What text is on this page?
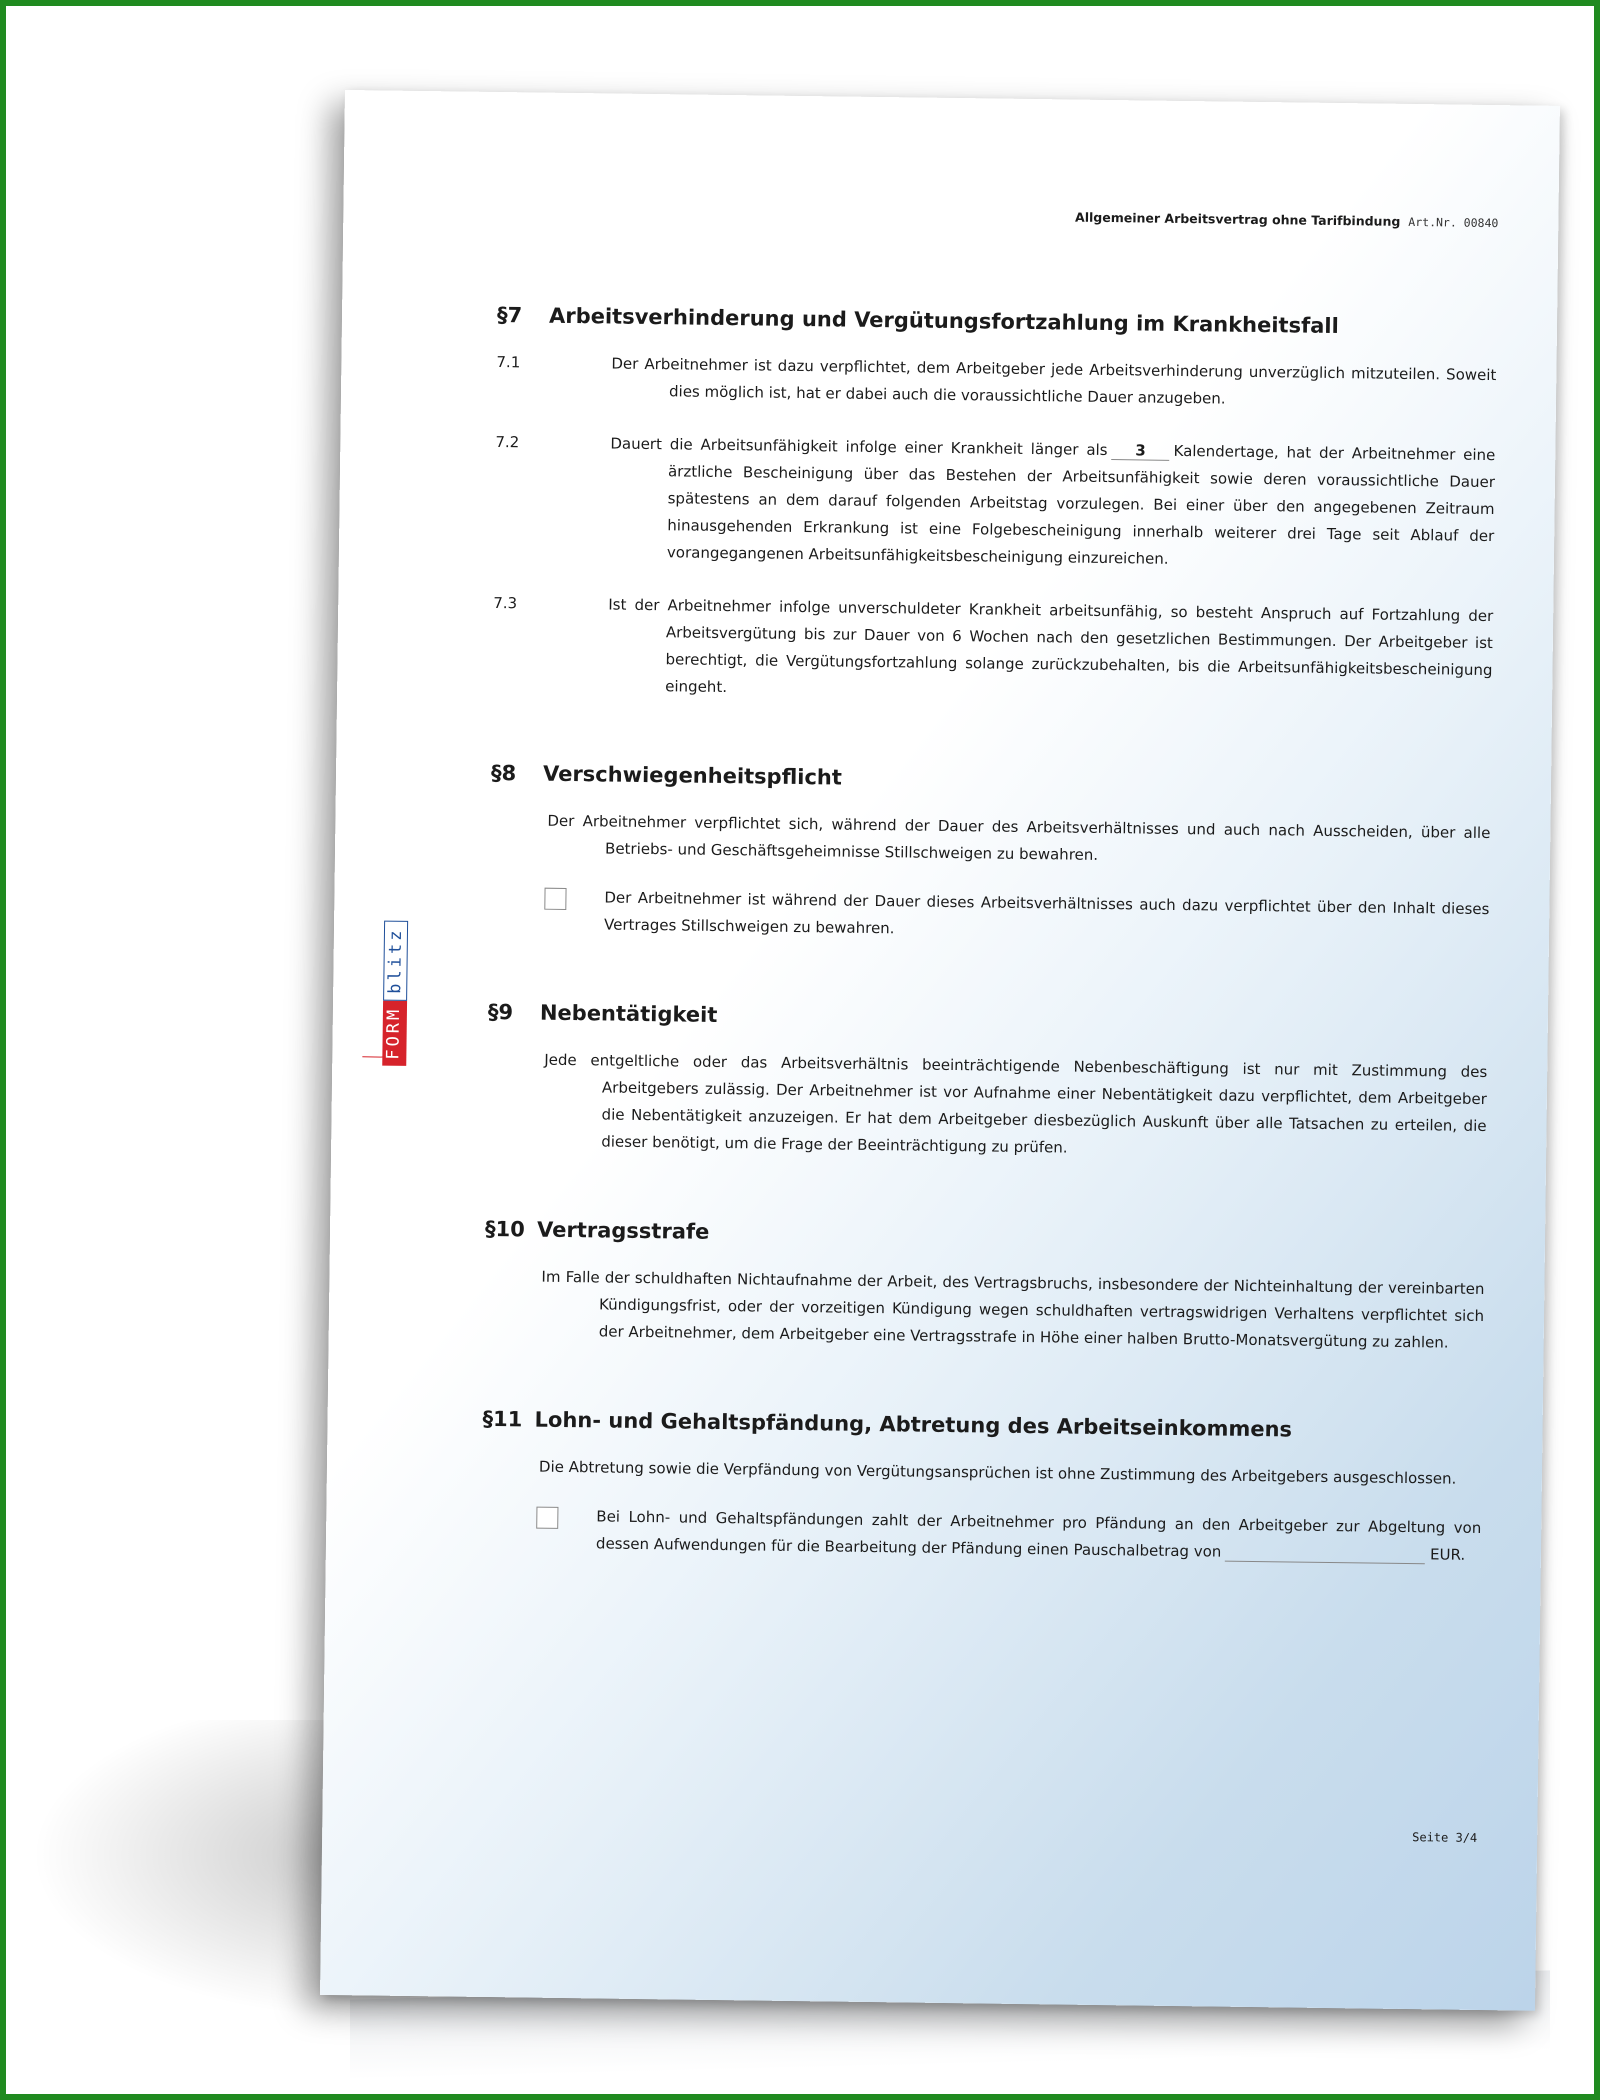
Allgemeiner Arbeitsvertrag ohne Tarifbindung Art.Nr. 00840
FORM
blitz
§7	Arbeitsverhinderung und Vergütungsfortzahlung im Krankheitsfall
7.1	Der Arbeitnehmer ist dazu verpflichtet, dem Arbeitgeber jede Arbeitsverhinderung unverzüglich mitzuteilen. Soweit dies möglich ist, hat er dabei auch die voraussichtliche Dauer anzugeben.

7.2	Dauert die Arbeitsunfähigkeit infolge einer Krankheit länger als 3 Kalendertage, hat der Arbeitnehmer eine ärztliche Bescheinigung über das Bestehen der Arbeitsunfähigkeit sowie deren voraussichtliche Dauer spätestens an dem darauf folgenden Arbeitstag vorzulegen. Bei einer über den angegebenen Zeitraum hinausgehenden Erkrankung ist eine Folgebescheinigung innerhalb weiterer drei Tage seit Ablauf der vorangegangenen Arbeitsunfähigkeitsbescheinigung einzureichen.

7.3	Ist der Arbeitnehmer infolge unverschuldeter Krankheit arbeitsunfähig, so besteht Anspruch auf Fortzahlung der Arbeitsvergütung bis zur Dauer von 6 Wochen nach den gesetzlichen Bestimmungen. Der Arbeitgeber ist berechtigt, die Vergütungsfortzahlung solange zurückzubehalten, bis die Arbeitsunfähigkeitsbescheinigung eingeht.

§8	Verschwiegenheitspflicht

Der Arbeitnehmer verpflichtet sich, während der Dauer des Arbeitsverhältnisses und auch nach Ausscheiden, über alle Betriebs- und Geschäftsgeheimnisse Stillschweigen zu bewahren.

Der Arbeitnehmer ist während der Dauer dieses Arbeitsverhältnisses auch dazu verpflichtet über den Inhalt dieses Vertrages Stillschweigen zu bewahren.

§9	Nebentätigkeit

Jede entgeltliche oder das Arbeitsverhältnis beeinträchtigende Nebenbeschäftigung ist nur mit Zustimmung des Arbeitgebers zulässig. Der Arbeitnehmer ist vor Aufnahme einer Nebentätigkeit dazu verpflichtet, dem Arbeitgeber die Nebentätigkeit anzuzeigen. Er hat dem Arbeitgeber diesbezüglich Auskunft über alle Tatsachen zu erteilen, die dieser benötigt, um die Frage der Beeinträchtigung zu prüfen.

§10 Vertragsstrafe

Im Falle der schuldhaften Nichtaufnahme der Arbeit, des Vertragsbruchs, insbesondere der Nichteinhaltung der vereinbarten Kündigungsfrist, oder der vorzeitigen Kündigung wegen schuldhaften vertragswidrigen Verhaltens verpflichtet sich der Arbeitnehmer, dem Arbeitgeber eine Vertragsstrafe in Höhe einer halben Brutto-Monatsvergütung zu zahlen.

§11 Lohn- und Gehaltspfändung, Abtretung des Arbeitseinkommens

Die Abtretung sowie die Verpfändung von Vergütungsansprüchen ist ohne Zustimmung des Arbeitgebers ausgeschlossen.

Bei Lohn- und Gehaltspfändungen zahlt der Arbeitnehmer pro Pfändung an den Arbeitgeber zur Abgeltung von dessen Aufwendungen für die Bearbeitung der Pfändung einen Pauschalbetrag von	EUR.

Seite 3/4
